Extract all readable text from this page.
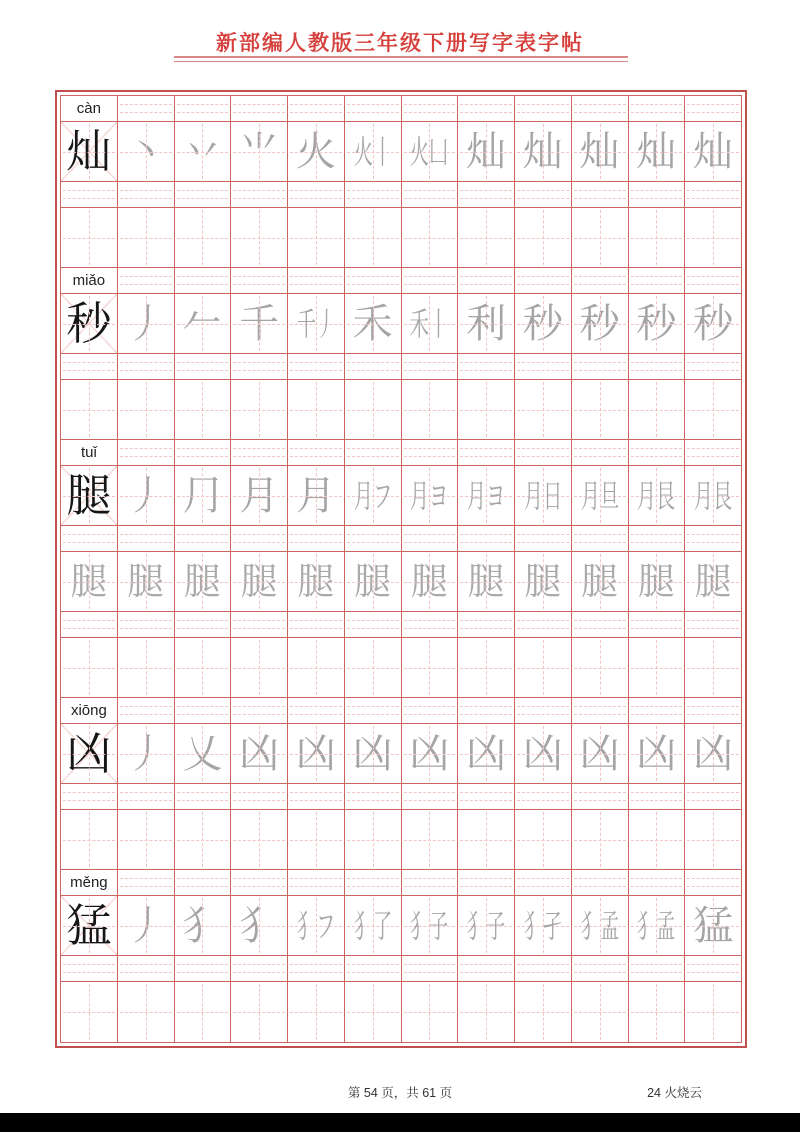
新部编人教版三年级下册写字表字帖
càn
灿 丶 丷 ⺌ 火 火丨 火凵 灿 灿 灿 灿 灿
miǎo
秒 丿 𠂉 千 千丿 禾 禾丨 利 秒 秒 秒 秒
tuǐ
腿 丿 ⺆ 月 月 月フ 月ヨ 月ヨ 月日 月旦 月艮 月艮
腿 腿 腿 腿 腿 腿 腿 腿 腿 腿 腿 腿
xiōng
凶 丿 乂 凶 凶 凶 凶 凶 凶 凶 凶 凶
měng
猛 丿 ⺨ 犭 犭フ 犭了 犭子 犭子 犭孑 犭孟 犭孟 猛
第 54 页，共 61 页	24 火烧云
